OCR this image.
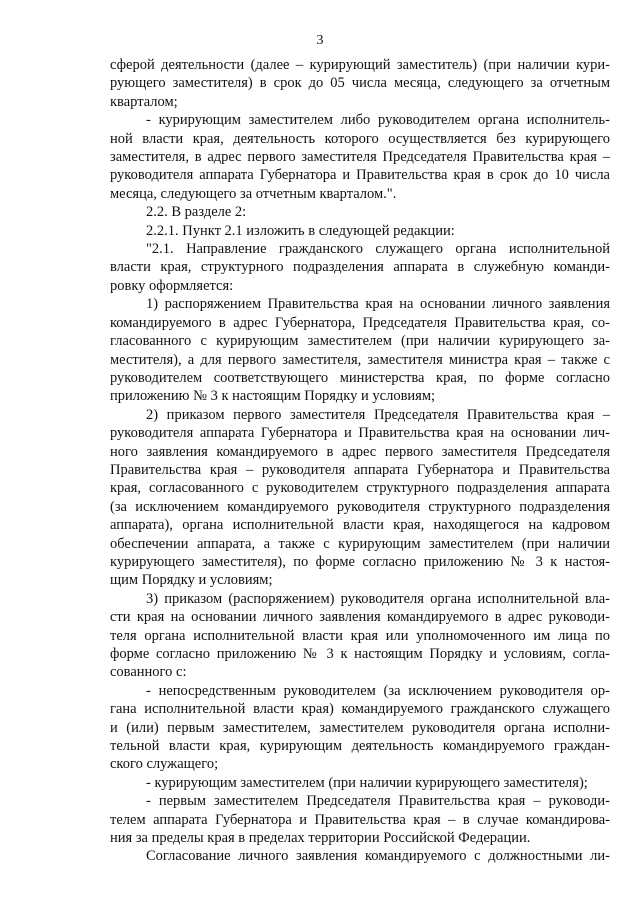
3

сферой деятельности (далее – курирующий заместитель) (при наличии кури-

рующего заместителя) в срок до 05 числа месяца, следующего за отчетным

кварталом;

- курирующим заместителем либо руководителем органа исполнитель-

ной власти края, деятельность которого осуществляется без курирующего

заместителя, в адрес первого заместителя Председателя Правительства края –

руководителя аппарата Губернатора и Правительства края в срок до 10 числа

месяца, следующего за отчетным кварталом.".

2.2. В разделе 2:

2.2.1. Пункт 2.1 изложить в следующей редакции:

"2.1. Направление гражданского служащего органа исполнительной

власти края, структурного подразделения аппарата в служебную команди-

ровку оформляется:

1) распоряжением Правительства края на основании личного заявления

командируемого в адрес Губернатора, Председателя Правительства края, со-

гласованного с курирующим заместителем (при наличии курирующего за-

местителя), а для первого заместителя, заместителя министра края – также с

руководителем соответствующего министерства края, по форме согласно

приложению № 3 к настоящим Порядку и условиям;

2) приказом первого заместителя Председателя Правительства края –

руководителя аппарата Губернатора и Правительства края на основании лич-

ного заявления командируемого в адрес первого заместителя Председателя

Правительства края – руководителя аппарата Губернатора и Правительства

края, согласованного с руководителем структурного подразделения аппарата

(за исключением командируемого руководителя структурного подразделения

аппарата), органа исполнительной власти края, находящегося на кадровом

обеспечении аппарата, а также с курирующим заместителем (при наличии

курирующего заместителя), по форме согласно приложению № 3 к настоя-

щим Порядку и условиям;

3) приказом (распоряжением) руководителя органа исполнительной вла-

сти края на основании личного заявления командируемого в адрес руководи-

теля органа исполнительной власти края или уполномоченного им лица по

форме согласно приложению № 3 к настоящим Порядку и условиям, согла-

сованного с:

- непосредственным руководителем (за исключением руководителя ор-

гана исполнительной власти края) командируемого гражданского служащего

и (или) первым заместителем, заместителем руководителя органа исполни-

тельной власти края, курирующим деятельность командируемого граждан-

ского служащего;

- курирующим заместителем (при наличии курирующего заместителя);

- первым заместителем Председателя Правительства края – руководи-

телем аппарата Губернатора и Правительства края – в случае командирова-

ния за пределы края в пределах территории Российской Федерации.

Согласование личного заявления командируемого с должностными ли-
